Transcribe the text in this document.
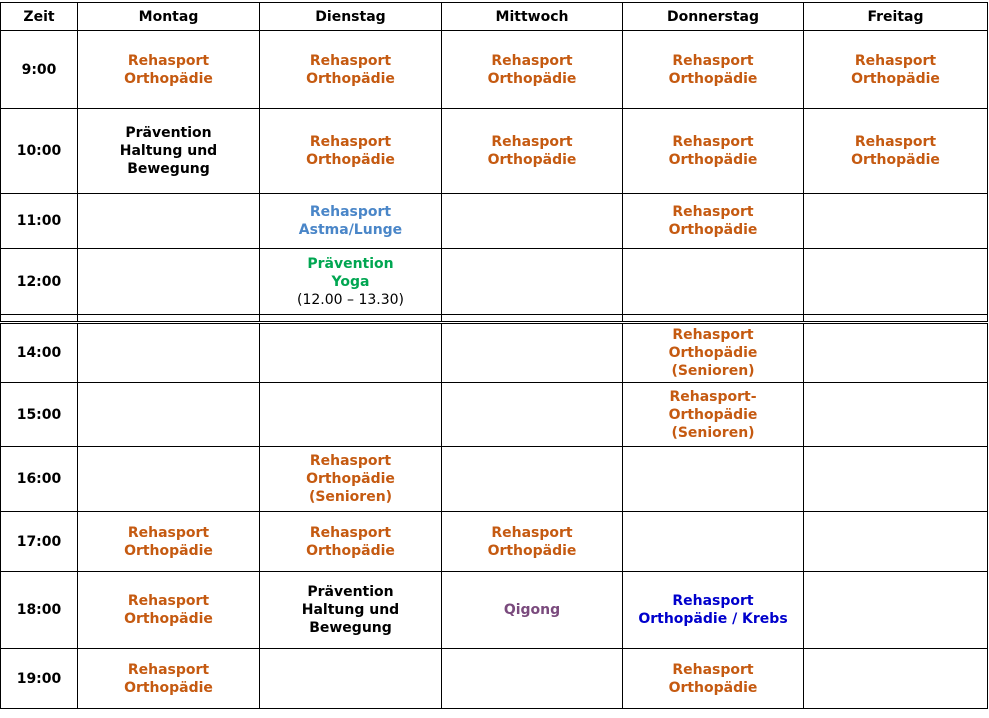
Zeit	Montag	Dienstag	Mittwoch	Donnerstag	Freitag
9:00	Rehasport
Orthopädie	Rehasport
Orthopädie	Rehasport
Orthopädie	Rehasport
Orthopädie	Rehasport
Orthopädie

10:00	Prävention
Haltung und
Bewegung	Rehasport
Orthopädie	Rehasport
Orthopädie	Rehasport
Orthopädie	Rehasport
Orthopädie

11:00		Rehasport
Astma/Lunge		Rehasport
Orthopädie	

12:00		Prävention
Yoga
(12.00 – 13.30)			

14:00				Rehasport
Orthopädie
(Senioren)	

15:00				Rehasport-
Orthopädie
(Senioren)	

16:00		Rehasport
Orthopädie
(Senioren)			

17:00	Rehasport
Orthopädie	Rehasport
Orthopädie	Rehasport
Orthopädie		

18:00	Rehasport
Orthopädie	Prävention
Haltung und
Bewegung	Qigong	Rehasport
Orthopädie / Krebs	

19:00	Rehasport
Orthopädie			Rehasport
Orthopädie	
